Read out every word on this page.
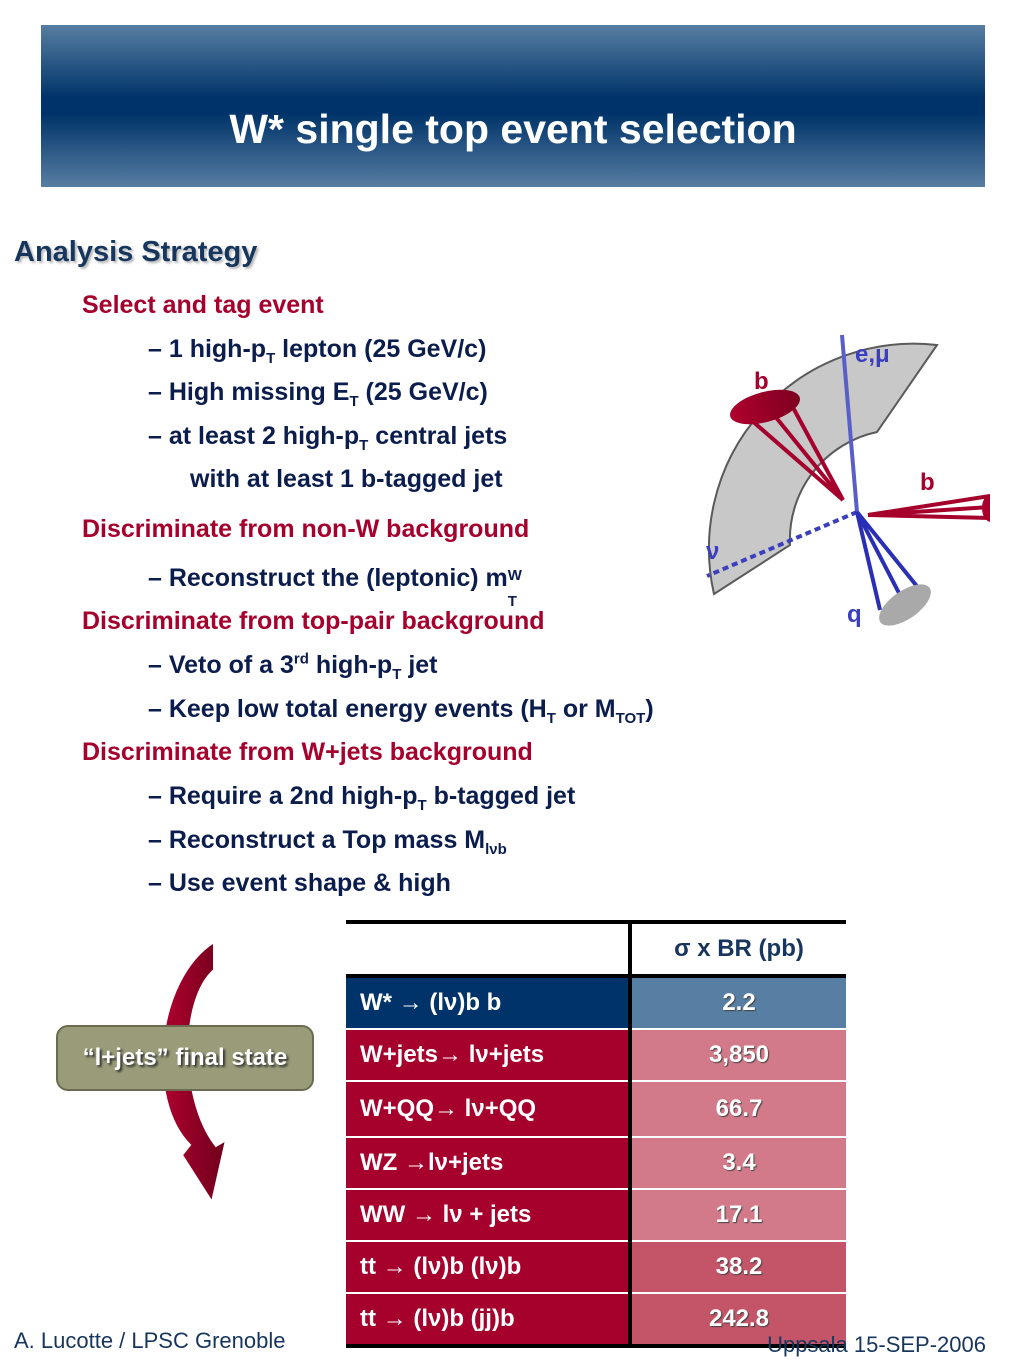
W* single top event selection
Analysis Strategy
Select and tag event
– 1 high-$p_T$ lepton (25 GeV/c)
– High missing $E_T$ (25 GeV/c)
– at least 2 high-$p_T$ central jets
with at least 1 b-tagged jet
Discriminate from non-W background
– Reconstruct the (leptonic) m W
T
Discriminate from top-pair background
– Veto of a 3rd high-$p_T$ jet
– Keep low total energy events ($H_T$ or $M_{TOT}$)
Discriminate from W+jets background
– Require a 2nd high-$p_T$ b-tagged jet
– Reconstruct a Top mass $M_{l\nu b}$
– Use event shape & high
e,μ
b
b
ν
q
“l+jets” final state
	σ x BR (pb)
W* → (lν)b b	2.2
W+jets→ lν+jets	3,850
W+QQ→ lν+QQ	66.7
WZ →lν+jets	3.4
WW → lν + jets	17.1
tt → (lν)b (lν)b	38.2
tt → (lν)b (jj)b	242.8
A. Lucotte / LPSC Grenoble	Uppsala 15-SEP-2006
